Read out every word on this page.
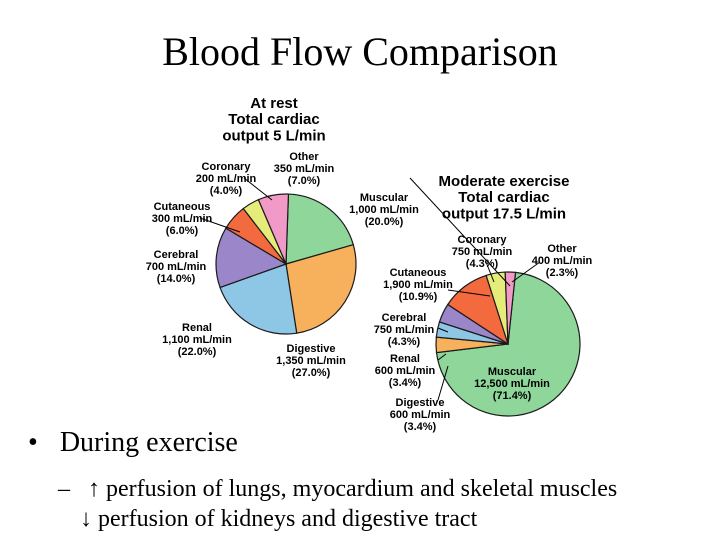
Blood Flow Comparison
At rest Total cardiac output 5 L/min
Moderate exercise Total cardiac output 17.5 L/min
Other 350 mL/min (7.0%)
Coronary 200 mL/min (4.0%)
Cutaneous 300 mL/min (6.0%)
Cerebral 700 mL/min (14.0%)
Muscular 1,000 mL/min (20.0%)
Renal 1,100 mL/min (22.0%)	Digestive 1,350 mL/min (27.0%)
Coronary 750 mL/min (4.3%)
Other 400 mL/min (2.3%)
Cutaneous 1,900 mL/min (10.9%)
Cerebral 750 mL/min (4.3%)
Renal 600 mL/min (3.4%)
Muscular 12,500 mL/min (71.4%)
Digestive 600 mL/min (3.4%)
• During exercise
– ↑ perfusion of lungs, myocardium and skeletal muscles
↓ perfusion of kidneys and digestive tract
